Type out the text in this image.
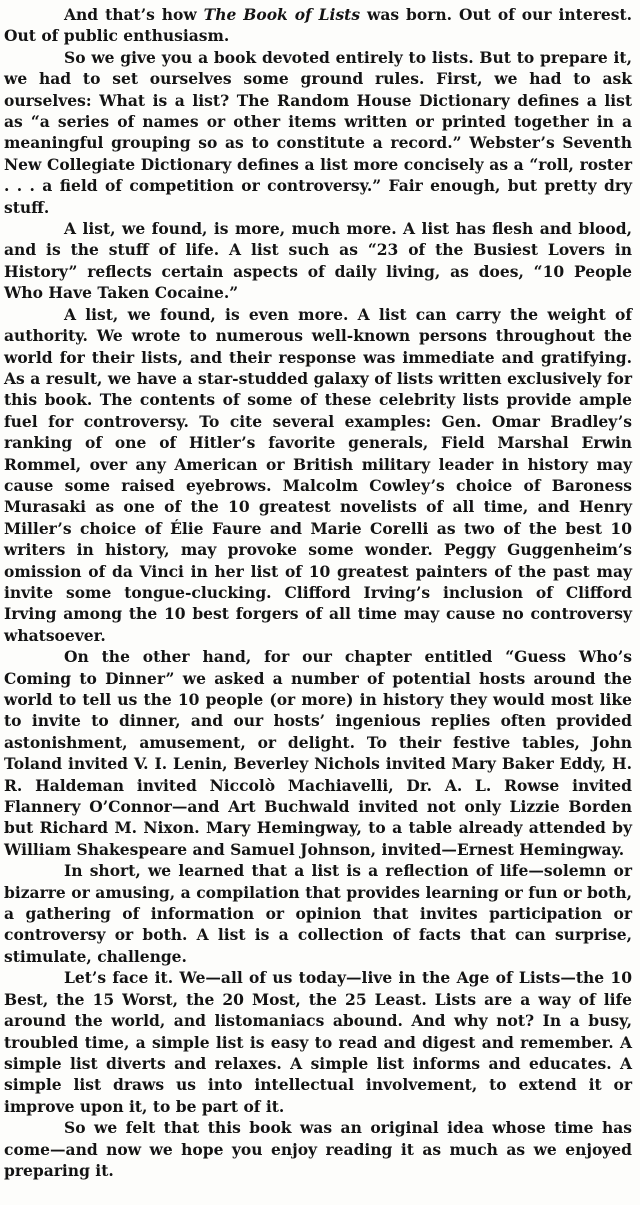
And that’s how The Book of Lists was born. Out of our interest. Out of public enthusiasm.

So we give you a book devoted entirely to lists. But to prepare it, we had to set ourselves some ground rules. First, we had to ask ourselves: What is a list? The Random House Dictionary defines a list as “a series of names or other items written or printed together in a meaningful grouping so as to constitute a record.” Webster’s Seventh New Collegiate Dictionary defines a list more concisely as a “roll, roster . . . a field of competition or controversy.” Fair enough, but pretty dry stuff.

A list, we found, is more, much more. A list has flesh and blood, and is the stuff of life. A list such as “23 of the Busiest Lovers in History” reflects certain aspects of daily living, as does, “10 People Who Have Taken Cocaine.”

A list, we found, is even more. A list can carry the weight of authority. We wrote to numerous well-known persons throughout the world for their lists, and their response was immediate and gratifying. As a result, we have a star-studded galaxy of lists written exclusively for this book. The contents of some of these celebrity lists provide ample fuel for controversy. To cite several examples: Gen. Omar Bradley’s ranking of one of Hitler’s favorite generals, Field Marshal Erwin Rommel, over any American or British military leader in history may cause some raised eyebrows. Malcolm Cowley’s choice of Baroness Murasaki as one of the 10 greatest novelists of all time, and Henry Miller’s choice of Élie Faure and Marie Corelli as two of the best 10 writers in history, may provoke some wonder. Peggy Guggenheim’s omission of da Vinci in her list of 10 greatest painters of the past may invite some tongue-clucking. Clifford Irving’s inclusion of Clifford Irving among the 10 best forgers of all time may cause no controversy whatsoever.

On the other hand, for our chapter entitled “Guess Who’s Coming to Dinner” we asked a number of potential hosts around the world to tell us the 10 people (or more) in history they would most like to invite to dinner, and our hosts’ ingenious replies often provided astonishment, amusement, or delight. To their festive tables, John Toland invited V. I. Lenin, Beverley Nichols invited Mary Baker Eddy, H. R. Haldeman invited Niccolò Machiavelli, Dr. A. L. Rowse invited Flannery O’Connor—and Art Buchwald invited not only Lizzie Borden but Richard M. Nixon. Mary Hemingway, to a table already attended by William Shakespeare and Samuel Johnson, invited—Ernest Hemingway.

In short, we learned that a list is a reflection of life—solemn or bizarre or amusing, a compilation that provides learning or fun or both, a gathering of information or opinion that invites participation or controversy or both. A list is a collection of facts that can surprise, stimulate, challenge.

Let’s face it. We—all of us today—live in the Age of Lists—the 10 Best, the 15 Worst, the 20 Most, the 25 Least. Lists are a way of life around the world, and listomaniacs abound. And why not? In a busy, troubled time, a simple list is easy to read and digest and remember. A simple list diverts and relaxes. A simple list informs and educates. A simple list draws us into intellectual involvement, to extend it or improve upon it, to be part of it.

So we felt that this book was an original idea whose time has come—and now we hope you enjoy reading it as much as we enjoyed preparing it.
